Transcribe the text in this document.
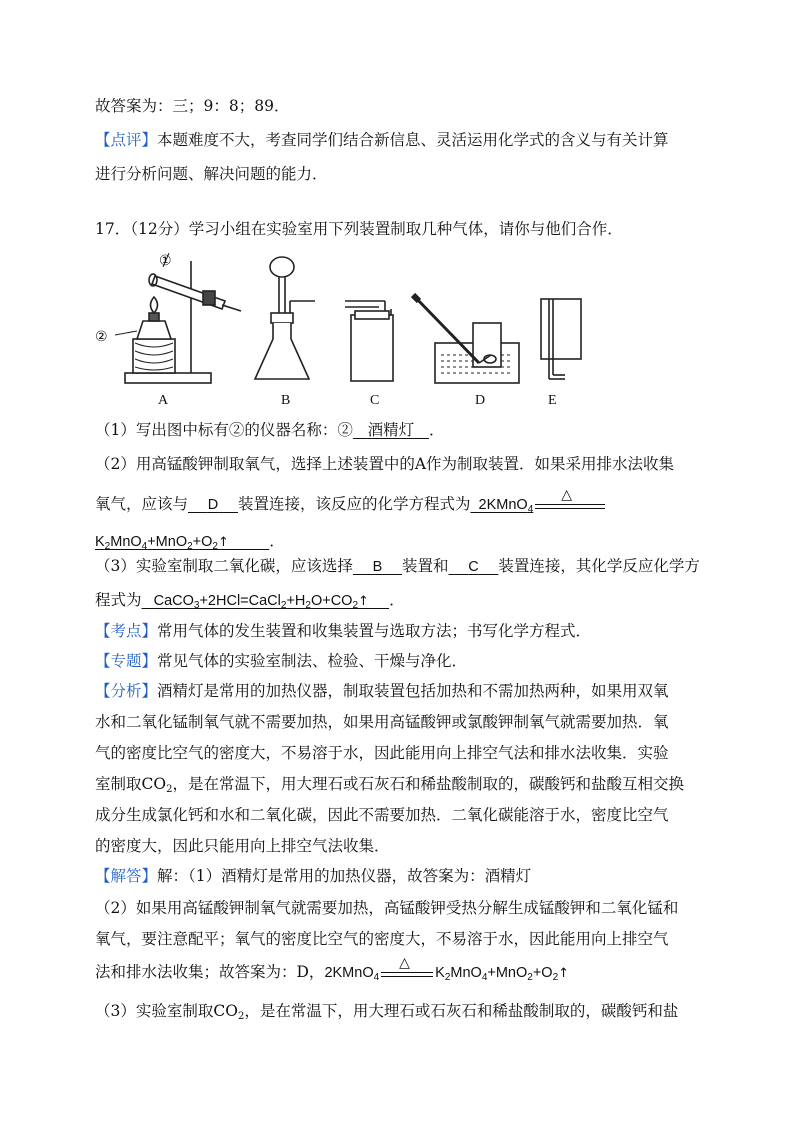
故答案为：三；9：8；89．
【点评】本题难度不大，考查同学们结合新信息、灵活运用化学式的含义与有关计算
进行分析问题、解决问题的能力．
17．（12分）学习小组在实验室用下列装置制取几种气体，请你与他们合作．
①
②
A	B	C	D	E
（1）写出图中标有②的仪器名称：② 酒精灯 ．
（2）用高锰酸钾制取氧气，选择上述装置中的A作为制取装置．如果采用排水法收集
氧气，应该与 D 装置连接，该反应的化学方程式为 2KMnO$_4$
△
$K_2MnO_4+MnO_2+O_2↑$	．
（3）实验室制取二氧化碳，应该选择 B 装置和 C 装置连接，其化学反应化学方
程式为 $CaCO_3+2HCl=CaCl_2+H_2O+CO_2↑$ ．
【考点】常用气体的发生装置和收集装置与选取方法；书写化学方程式．
【专题】常见气体的实验室制法、检验、干燥与净化．
【分析】酒精灯是常用的加热仪器，制取装置包括加热和不需加热两种，如果用双氧
水和二氧化锰制氧气就不需要加热，如果用高锰酸钾或氯酸钾制氧气就需要加热．氧
气的密度比空气的密度大，不易溶于水，因此能用向上排空气法和排水法收集．实验
室制取$CO_2$，是在常温下，用大理石或石灰石和稀盐酸制取的，碳酸钙和盐酸互相交换
成分生成氯化钙和水和二氧化碳，因此不需要加热．二氧化碳能溶于水，密度比空气
的密度大，因此只能用向上排空气法收集．
【解答】解：（1）酒精灯是常用的加热仪器，故答案为：酒精灯
（2）如果用高锰酸钾制氧气就需要加热，高锰酸钾受热分解生成锰酸钾和二氧化锰和
氧气，要注意配平；氧气的密度比空气的密度大，不易溶于水，因此能用向上排空气
法和排水法收集；故答案为：D，2KMnO$_4$
△
$K_2MnO_4+MnO_2+O_2↑$
（3）实验室制取$CO_2$，是在常温下，用大理石或石灰石和稀盐酸制取的，碳酸钙和盐
